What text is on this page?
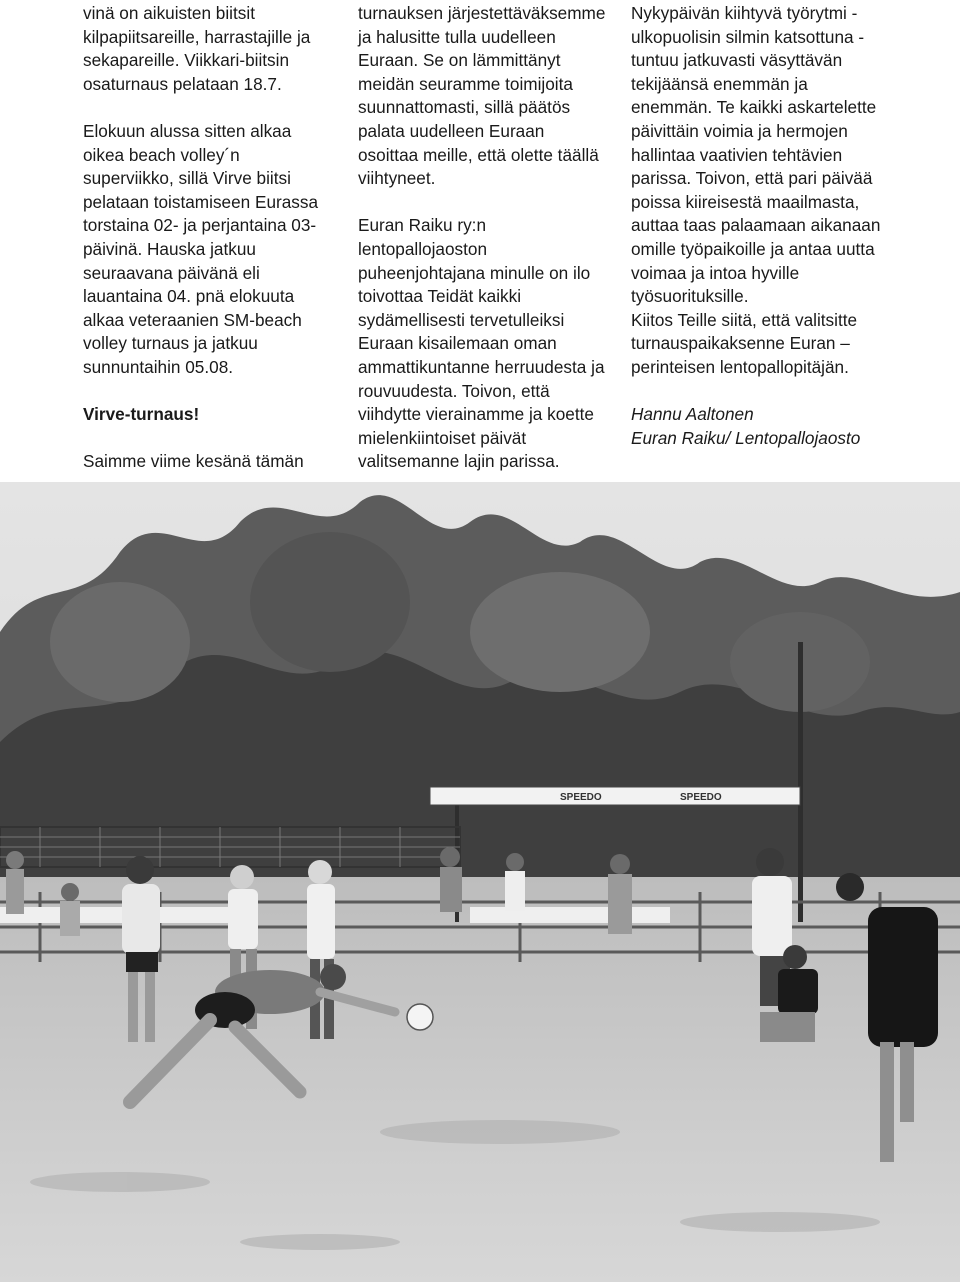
vinä on aikuisten biitsit kilpapiitsareille, harrastajille ja sekapareille. Viikkari-biitsin osaturnaus pelataan 18.7.

Elokuun alussa sitten alkaa oikea beach volley´n superviikko, sillä Virve biitsi pelataan toistamiseen Eurassa torstaina 02- ja perjantaina 03-päivinä. Hauska jatkuu seuraavana päivänä eli lauantaina 04. pnä elokuuta alkaa veteraanien SM-beach volley turnaus ja jatkuu sunnuntaihin 05.08.

Virve-turnaus!

Saimme viime kesänä tämän

turnauksen järjestettäväksemme ja halusitte tulla uudelleen Euraan. Se on lämmittänyt meidän seuramme toimijoita suunnattomasti, sillä päätös palata uudelleen Euraan osoittaa meille, että olette täällä viihtyneet.

Euran Raiku ry:n lentopallojaoston puheenjohtajana minulle on ilo toivottaa Teidät kaikki sydämellisesti tervetulleiksi Euraan kisailemaan oman ammattikuntanne herruudesta ja rouvuudesta. Toivon, että viihdytte vierainamme ja koette mielenkiintoiset päivät valitsemanne lajin parissa.

Nykypäivän kiihtyvä työrytmi - ulkopuolisin silmin katsottuna - tuntuu jatkuvasti väsyttävän tekijäänsä enemmän ja enemmän. Te kaikki askartelette päivittäin voimia ja hermojen hallintaa vaativien tehtävien parissa. Toivon, että pari päivää poissa kiireisestä maailmasta, auttaa taas palaamaan aikanaan omille työpaikoille ja antaa uutta voimaa ja intoa hyville työsuorituksille.

Kiitos Teille siitä, että valitsitte turnauspaikaksenne Euran – perinteisen lentopallopitäjän.

Hannu Aaltonen

Euran Raiku/ Lentopallojaosto

SPEEDO	SPEEDO
